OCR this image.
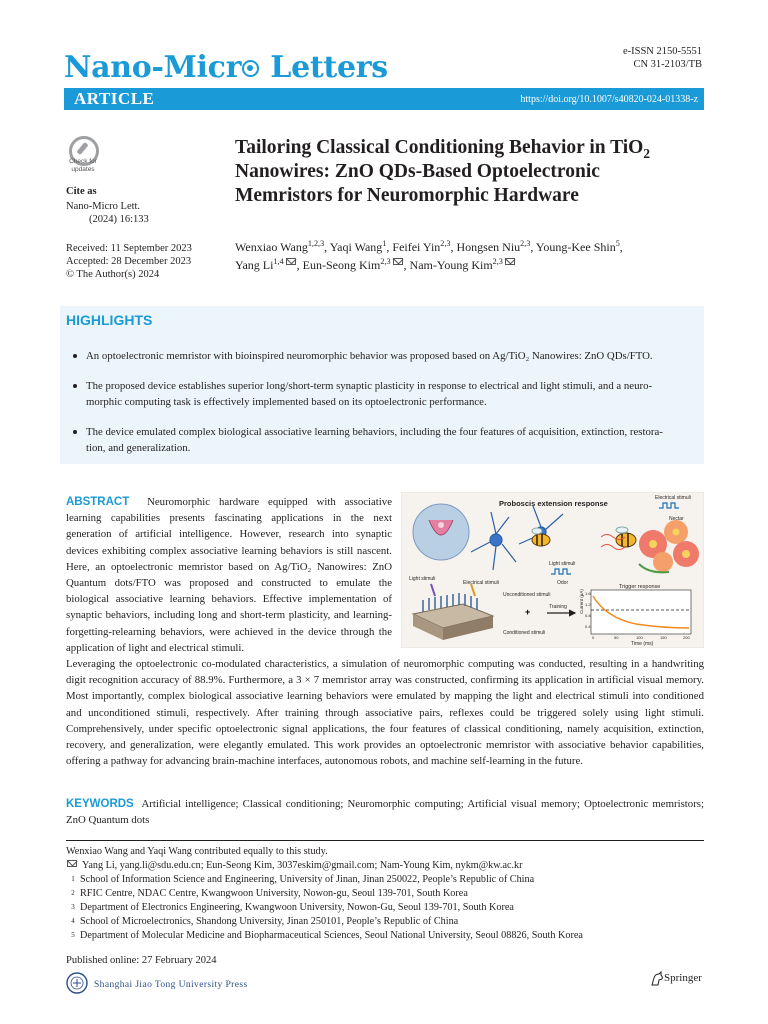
Nano-Micr Letters	e-ISSN 2150-5551
CN 31-2103/TB
ARTICLE	https://doi.org/10.1007/s40820-024-01338-z
Check for
updates
Cite as
Nano-Micro Lett.
(2024) 16:133
Received: 11 September 2023
Accepted: 28 December 2023
© The Author(s) 2024
Tailoring Classical Conditioning Behavior in TiO$_2$
Nanowires: ZnO QDs-Based Optoelectronic
Memristors for Neuromorphic Hardware
Wenxiao Wang$^{1,2,3}$, Yaqi Wang$^1$, Feifei Yin$^{2,3}$, Hongsen Niu$^{2,3}$, Young-Kee Shin$^5$,
Yang Li$^{1,4}$ , Eun-Seong Kim$^{2,3}$ , Nam-Young Kim$^{2,3}$
HIGHLIGHTS
An optoelectronic memristor with bioinspired neuromorphic behavior was proposed based on Ag/TiO₂ Nanowires: ZnO QDs/FTO.
The proposed device establishes superior long/short-term synaptic plasticity in response to electrical and light stimuli, and a neuro-
morphic computing task is effectively implemented based on its optoelectronic performance.
The device emulated complex biological associative learning behaviors, including the four features of acquisition, extinction, restora-
tion, and generalization.
ABSTRACT Neuromorphic hardware equipped with associative learning capabilities presents fascinating applications in the next generation of artificial intelligence. However, research into synaptic devices exhibiting complex associative learning behaviors is still nascent. Here, an optoelectronic memristor based on Ag/TiO₂ Nanowires: ZnO Quantum dots/FTO was proposed and constructed to emulate the biological associative learning behaviors. Effective implementation of synaptic behaviors, including long and short-term plasticity, and learning-forgetting-relearning behaviors, were achieved in the device through the application of light and electrical stimuli.
Leveraging the optoelectronic co-modulated characteristics, a simulation of neuromorphic computing was conducted, resulting in a handwriting digit recognition accuracy of 88.9%. Furthermore, a 3 × 7 memristor array was constructed, confirming its application in artificial visual memory. Most importantly, complex biological associative learning behaviors were emulated by mapping the light and electrical stimuli into conditioned and unconditioned stimuli, respectively. After training through associative pairs, reflexes could be triggered solely using light stimuli. Comprehensively, under specific optoelectronic signal applications, the four features of classical conditioning, namely acquisition, extinction, recovery, and generalization, were elegantly emulated. This work provides an optoelectronic memristor with associative behavior capabilities, offering a pathway for advancing brain-machine interfaces, autonomous robots, and machine self-learning in the future.
+
Proboscis extension response
Electrical stimuli
Nectar
Light stimuli
Odor
Light stimuli
Electrical stimuli
Unconditioned stimuli
Conditioned stimuli
Training
Trigger response
Current (µA)
Time (ms)
0	50	100	150	200
1.6
1.2
0.8
0.4
KEYWORDS Artificial intelligence; Classical conditioning; Neuromorphic computing; Artificial visual memory; Optoelectronic memristors; ZnO Quantum dots
Wenxiao Wang and Yaqi Wang contributed equally to this study.
Yang Li, yang.li@sdu.edu.cn; Eun-Seong Kim, 3037eskim@gmail.com; Nam-Young Kim, nykm@kw.ac.kr
1 School of Information Science and Engineering, University of Jinan, Jinan 250022, People’s Republic of China
2 RFIC Centre, NDAC Centre, Kwangwoon University, Nowon-gu, Seoul 139-701, South Korea
3 Department of Electronics Engineering, Kwangwoon University, Nowon-Gu, Seoul 139-701, South Korea
4 School of Microelectronics, Shandong University, Jinan 250101, People’s Republic of China
5 Department of Molecular Medicine and Biopharmaceutical Sciences, Seoul National University, Seoul 08826, South Korea
Published online: 27 February 2024
Shanghai Jiao Tong University Press
Springer
